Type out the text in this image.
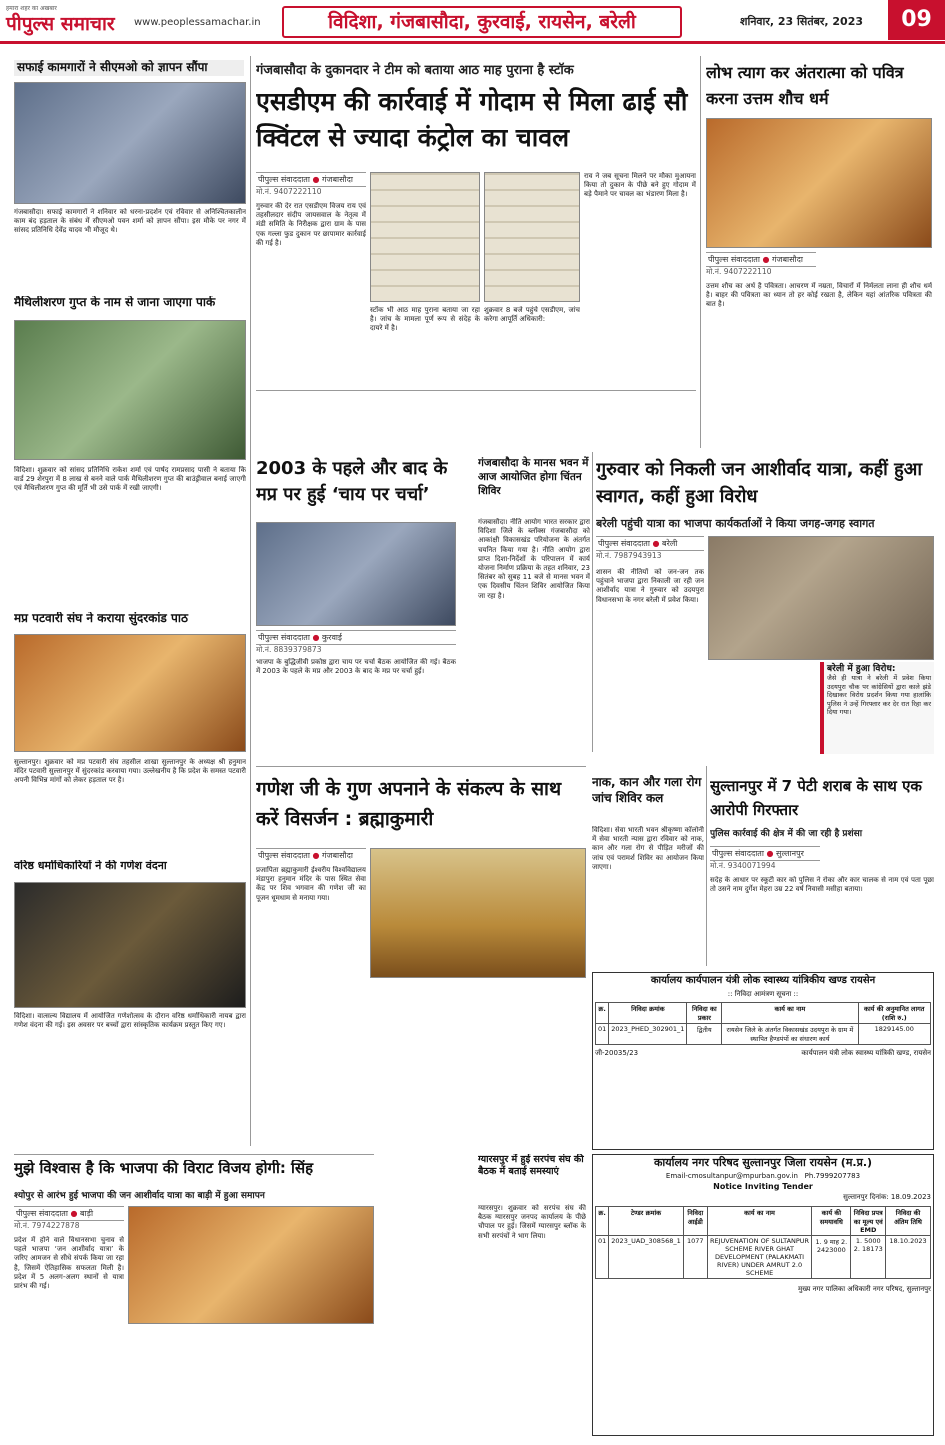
हमारा शहर का अखबार
पीपुल्स समाचार www.peoplessamachar.in	विदिशा, गंजबासौदा, कुरवाई, रायसेन, बरेली	शनिवार, 23 सितंबर, 2023	09
सफाई कामगारों ने सीएमओ को ज्ञापन सौंपा
गंजबासौदा। सफाई कामगारों ने शनिवार को धरना-प्रदर्शन एवं रविवार से अनिश्चितकालीन काम बंद हड़ताल के संबंध में सीएमओ पवन शर्मा को ज्ञापन सौंपा। इस मौके पर नगर में सांसद प्रतिनिधि देवेंद्र यादव भी मौजूद थे।
मैथिलीशरण गुप्त के नाम से जाना जाएगा पार्क
विदिशा। शुक्रवार को सांसद प्रतिनिधि राकेश शर्मा एवं पार्षद रामप्रसाद पासी ने बताया कि वार्ड 29 शेरपुरा में 8 लाख से बनने वाले पार्क मैथिलीशरण गुप्त की बाउंड्रीवाल बनाई जाएगी एवं मैथिलीशरण गुप्त की मूर्ति भी उसे पार्क में रखी जाएगी।
मप्र पटवारी संघ ने कराया सुंदरकांड पाठ
सुल्तानपुर। शुक्रवार को मप्र पटवारी संघ तहसील शाखा सुल्तानपुर के अध्यक्ष श्री हनुमान मंदिर पटवारी सुल्तानपुर में सुंदरकांड करवाया गया। उल्लेखनीय है कि प्रदेश के समस्त पटवारी अपनी विभिन्न मांगों को लेकर हड़ताल पर है।
वरिष्ठ धर्माधिकारियों ने की गणेश वंदना
विदिशा। वात्सल्य विद्यालय में आयोजित गणेशोत्सव के दौरान वरिष्ठ धर्माधिकारी नायब द्वारा गणेश वंदना की गई। इस अवसर पर बच्चों द्वारा सांस्कृतिक कार्यक्रम प्रस्तुत किए गए।
गंजबासौदा के दुकानदार ने टीम को बताया आठ माह पुराना है स्टॉक
एसडीएम की कार्रवाई में गोदाम से मिला ढाई सौ क्विंटल से ज्यादा कंट्रोल का चावल
पीपुल्स संवाददाता ● गंजबासौदा
मो.नं. 9407222110
गुरुवार की देर रात एसडीएम विजय राय एवं तहसीलदार संदीप जायसवाल के नेतृत्व में मंडी समिति के निरीक्षक द्वारा ग्राम के पास एक गल्ला फुड दुकान पर छापामार कार्रवाई की गई है।
स्टॉक भी आठ माह पुराना बताया जा रहा है। जांच के मामला पूर्ण रूप से संदेह के दायरे में है।
शुक्रवार 8 बजे पहुंचे एसडीएम, जांच करेगा आपूर्ति अधिकारी:
राव ने जब सूचना मिलने पर मौका मुआयना किया तो दुकान के पीछे बने हुए गोदाम में बड़े पैमाने पर चावल का भंडारण मिला है।
2003 के पहले और बाद के मप्र पर हुई ‘चाय पर चर्चा’
पीपुल्स संवाददाता ● कुरवाई
मो.नं. 8839379873
भाजपा के बुद्धिजीवी प्रकोष्ठ द्वारा चाय पर चर्चा बैठक आयोजित की गई। बैठक में 2003 के पहले के मप्र और 2003 के बाद के मप्र पर चर्चा हुई।
गंजबासौदा के मानस भवन में आज आयोजित होगा चिंतन शिविर
गंजबासौदा। नीति आयोग भारत सरकार द्वारा विदिशा जिले के ब्लॉक्स गंजबासौदा को आकांक्षी विकासखंड परियोजना के अंतर्गत चयनित किया गया है। नीति आयोग द्वारा प्राप्त दिशा-निर्देशों के परिपालन में कार्य योजना निर्माण प्रक्रिया के तहत शनिवार, 23 सितंबर को सुबह 11 बजे से मानस भवन में एक दिवसीय चिंतन शिविर आयोजित किया जा रहा है।
गणेश जी के गुण अपनाने के संकल्प के साथ करें विसर्जन : ब्रह्माकुमारी
पीपुल्स संवाददाता ● गंजबासौदा
प्रजापिता ब्रह्माकुमारी ईश्वरीय विश्वविद्यालय मंडापुरा हनुमान मंदिर के पास स्थित सेवा केंद्र पर शिव भगवान की गणेश जी का पूजन धूमधाम से मनाया गया।
लोभ त्याग कर अंतरात्मा को पवित्र करना उत्तम शौच धर्म
पीपुल्स संवाददाता ● गंजबासौदा
मो.नं. 9407222110
उत्तम शौच का अर्थ है पवित्रता। आचरण में नम्रता, विचारों में निर्मलता लाना ही शौच धर्म है। बाहर की पवित्रता का ध्यान तो हर कोई रखता है, लेकिन यहां आंतरिक पवित्रता की बात है।
गुरुवार को निकली जन आशीर्वाद यात्रा, कहीं हुआ स्वागत, कहीं हुआ विरोध
बरेली पहुंची यात्रा का भाजपा कार्यकर्ताओं ने किया जगह-जगह स्वागत
पीपुल्स संवाददाता ● बरेली
मो.नं. 7987943913
शासन की नीतियों को जन-जन तक पहुंचाने भाजपा द्वारा निकाली जा रही जन आशीर्वाद यात्रा ने गुरुवार को उदयपुरा विधानसभा के नगर बरेली में प्रवेश किया।
बरेली में हुआ विरोध:
जैसे ही यात्रा ने बरेली में प्रवेश किया उदयपुरा चौक पर कांग्रेसियों द्वारा काले झंडे दिखाकर विरोध प्रदर्शन किया गया हालांकि पुलिस ने उन्हें गिरफ्तार कर देर रात रिहा कर दिया गया।
नाक, कान और गला रोग जांच शिविर कल
विदिशा। सेवा भारती भवन श्रीकृष्णा कॉलोनी में सेवा भारती न्यास द्वारा रविवार को नाक, कान और गला रोग से पीड़ित मरीजों की जांच एवं परामर्श शिविर का आयोजन किया जाएगा।
सुल्तानपुर में 7 पेटी शराब के साथ एक आरोपी गिरफ्तार
पुलिस कार्रवाई की क्षेत्र में की जा रही है प्रशंसा
पीपुल्स संवाददाता ● सुल्तानपुर
मो.नं. 9340071994
सदेह के आधार पर स्कूटी कार को पुलिस ने रोका और कार चालक से नाम एवं पता पूछा तो उसने नाम दुर्गेश मेहरा उम्र 22 वर्ष निवासी मसीहा बताया।
कार्यालय कार्यपालन यंत्री लोक स्वास्थ्य यांत्रिकीय खण्ड रायसेन
:: निविदा आमंत्रण सूचना ::
क्र.	निविदा क्रमांक	निविदा का प्रकार	कार्य का नाम	कार्य की अनुमानित लागत (राशि रु.)
01	2023_PHED_302901_1	द्वितीय	रायसेन जिले के अंतर्गत विकासखंड उदयपुरा के ग्राम में स्थापित हैण्डपंपों का संधारण कार्य	1829145.00
जी-20035/23	कार्यपालन यंत्री लोक स्वास्थ्य यांत्रिकी खण्ड, रायसेन
मुझे विश्वास है कि भाजपा की विराट विजय होगी: सिंह
श्योपुर से आरंभ हुई भाजपा की जन आशीर्वाद यात्रा का बाड़ी में हुआ समापन
पीपुल्स संवाददाता ● बाड़ी
मो.नं. 7974227878
प्रदेश में होने वाले विधानसभा चुनाव से पहले भाजपा ‘जन आशीर्वाद यात्रा’ के जरिए आमजन से सीधे संपर्क किया जा रहा है, जिसमें ऐतिहासिक सफलता मिली है। प्रदेश में 5 अलग-अलग स्थानों से यात्रा प्रारंभ की गई।
ग्यारसपुर में हुई सरपंच संघ की बैठक में बताई समस्याएं
ग्यारसपुर। शुक्रवार को सरपंच संघ की बैठक ग्यारसपुर जनपद कार्यालय के पीछे चौपाल पर हुई। जिसमें ग्यारसपुर ब्लॉक के सभी सरपंचों ने भाग लिया।
कार्यालय नगर परिषद सुल्तानपुर जिला रायसेन (म.प्र.)
Email-cmosultanpur@mpurban.gov.in Ph.7999207783
Notice Inviting Tender
सुल्तानपुर दिनांक: 18.09.2023
क्र.	टेण्डर क्रमांक	निविदा आईडी	कार्य का नाम	कार्य की समयावधि	निविदा प्रपत्र का मूल्य एवं EMD	निविदा की अंतिम तिथि
01	2023_UAD_308568_1	1077	REJUVENATION OF SULTANPUR SCHEME RIVER GHAT DEVELOPMENT (PALAKMATI RIVER) UNDER AMRUT 2.0 SCHEME	1. 9 माह 2. 2423000	1. 5000 2. 18173	18.10.2023
मुख्य नगर पालिका अधिकारी नगर परिषद, सुल्तानपुर
